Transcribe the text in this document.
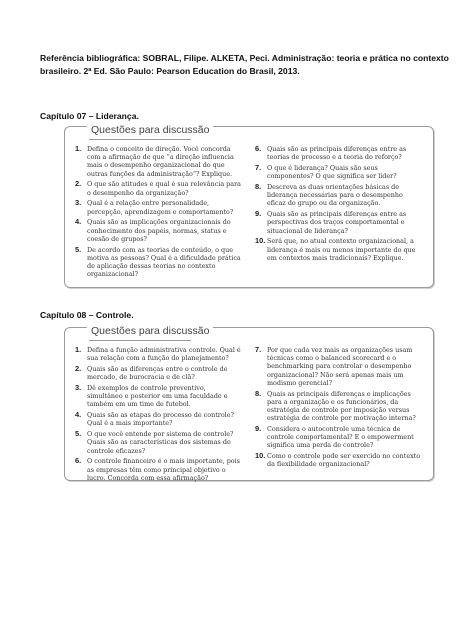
Referência bibliográfica: SOBRAL, Filipe. ALKETA, Peci. Administração: teoria e prática no contexto brasileiro. 2ª Ed. São Paulo: Pearson Education do Brasil, 2013.
Capítulo 07 – Liderança.
Questões para discussão
1. Defina o conceito de direção. Você concorda com a afirmação de que “a direção influencia mais o desempenho organizacional do que outras funções da administração”? Explique.
2. O que são atitudes e qual é sua relevância para o desempenho da organização?
3. Qual é a relação entre personalidade, percepção, aprendizagem e comportamento?
4. Quais são as implicações organizacionais do conhecimento dos papéis, normas, status e coesão de grupos?
5. De acordo com as teorias de conteúdo, o que motiva as pessoas? Qual é a dificuldade prática de aplicação dessas teorias no contexto organizacional?
6. Quais são as principais diferenças entre as teorias de processo e a teoria do reforço?
7. O que é liderança? Quais são seus componentes? O que significa ser líder?
8. Descreva as duas orientações básicas de liderança necessárias para o desempenho eficaz do grupo ou da organização.
9. Quais são as principais diferenças entre as perspectivas dos traços comportamental e situacional de liderança?
10. Será que, no atual contexto organizacional, a liderança é mais ou menos importante do que em contextos mais tradicionais? Explique.
Capítulo 08 – Controle.
Questões para discussão
1. Defina a função administrativa controle. Qual é sua relação com a função do planejamento?
2. Quais são as diferenças entre o controle de mercado, de burocracia e de clã?
3. Dê exemplos de controle preventivo, simultâneo e posterior em uma faculdade e também em um time de futebol.
4. Quais são as etapas do processo de controle? Qual é a mais importante?
5. O que você entende por sistema de controle? Quais são as características dos sistemas de controle eficazes?
6. O controle financeiro é o mais importante, pois as empresas têm como principal objetivo o lucro. Concorda com essa afirmação?
7. Por que cada vez mais as organizações usam técnicas como o balanced scorecard e o benchmarking para controlar o desempenho organizacional? Não será apenas mais um modismo gerencial?
8. Quais as principais diferenças e implicações para a organização e os funcionários, da estratégia de controle por imposição versus estratégia de controle por motivação interna?
9. Considera o autocontrole uma técnica de controle comportamental? E o empowerment significa uma perda de controle?
10. Como o controle pode ser exercido no contexto da flexibilidade organizacional?
